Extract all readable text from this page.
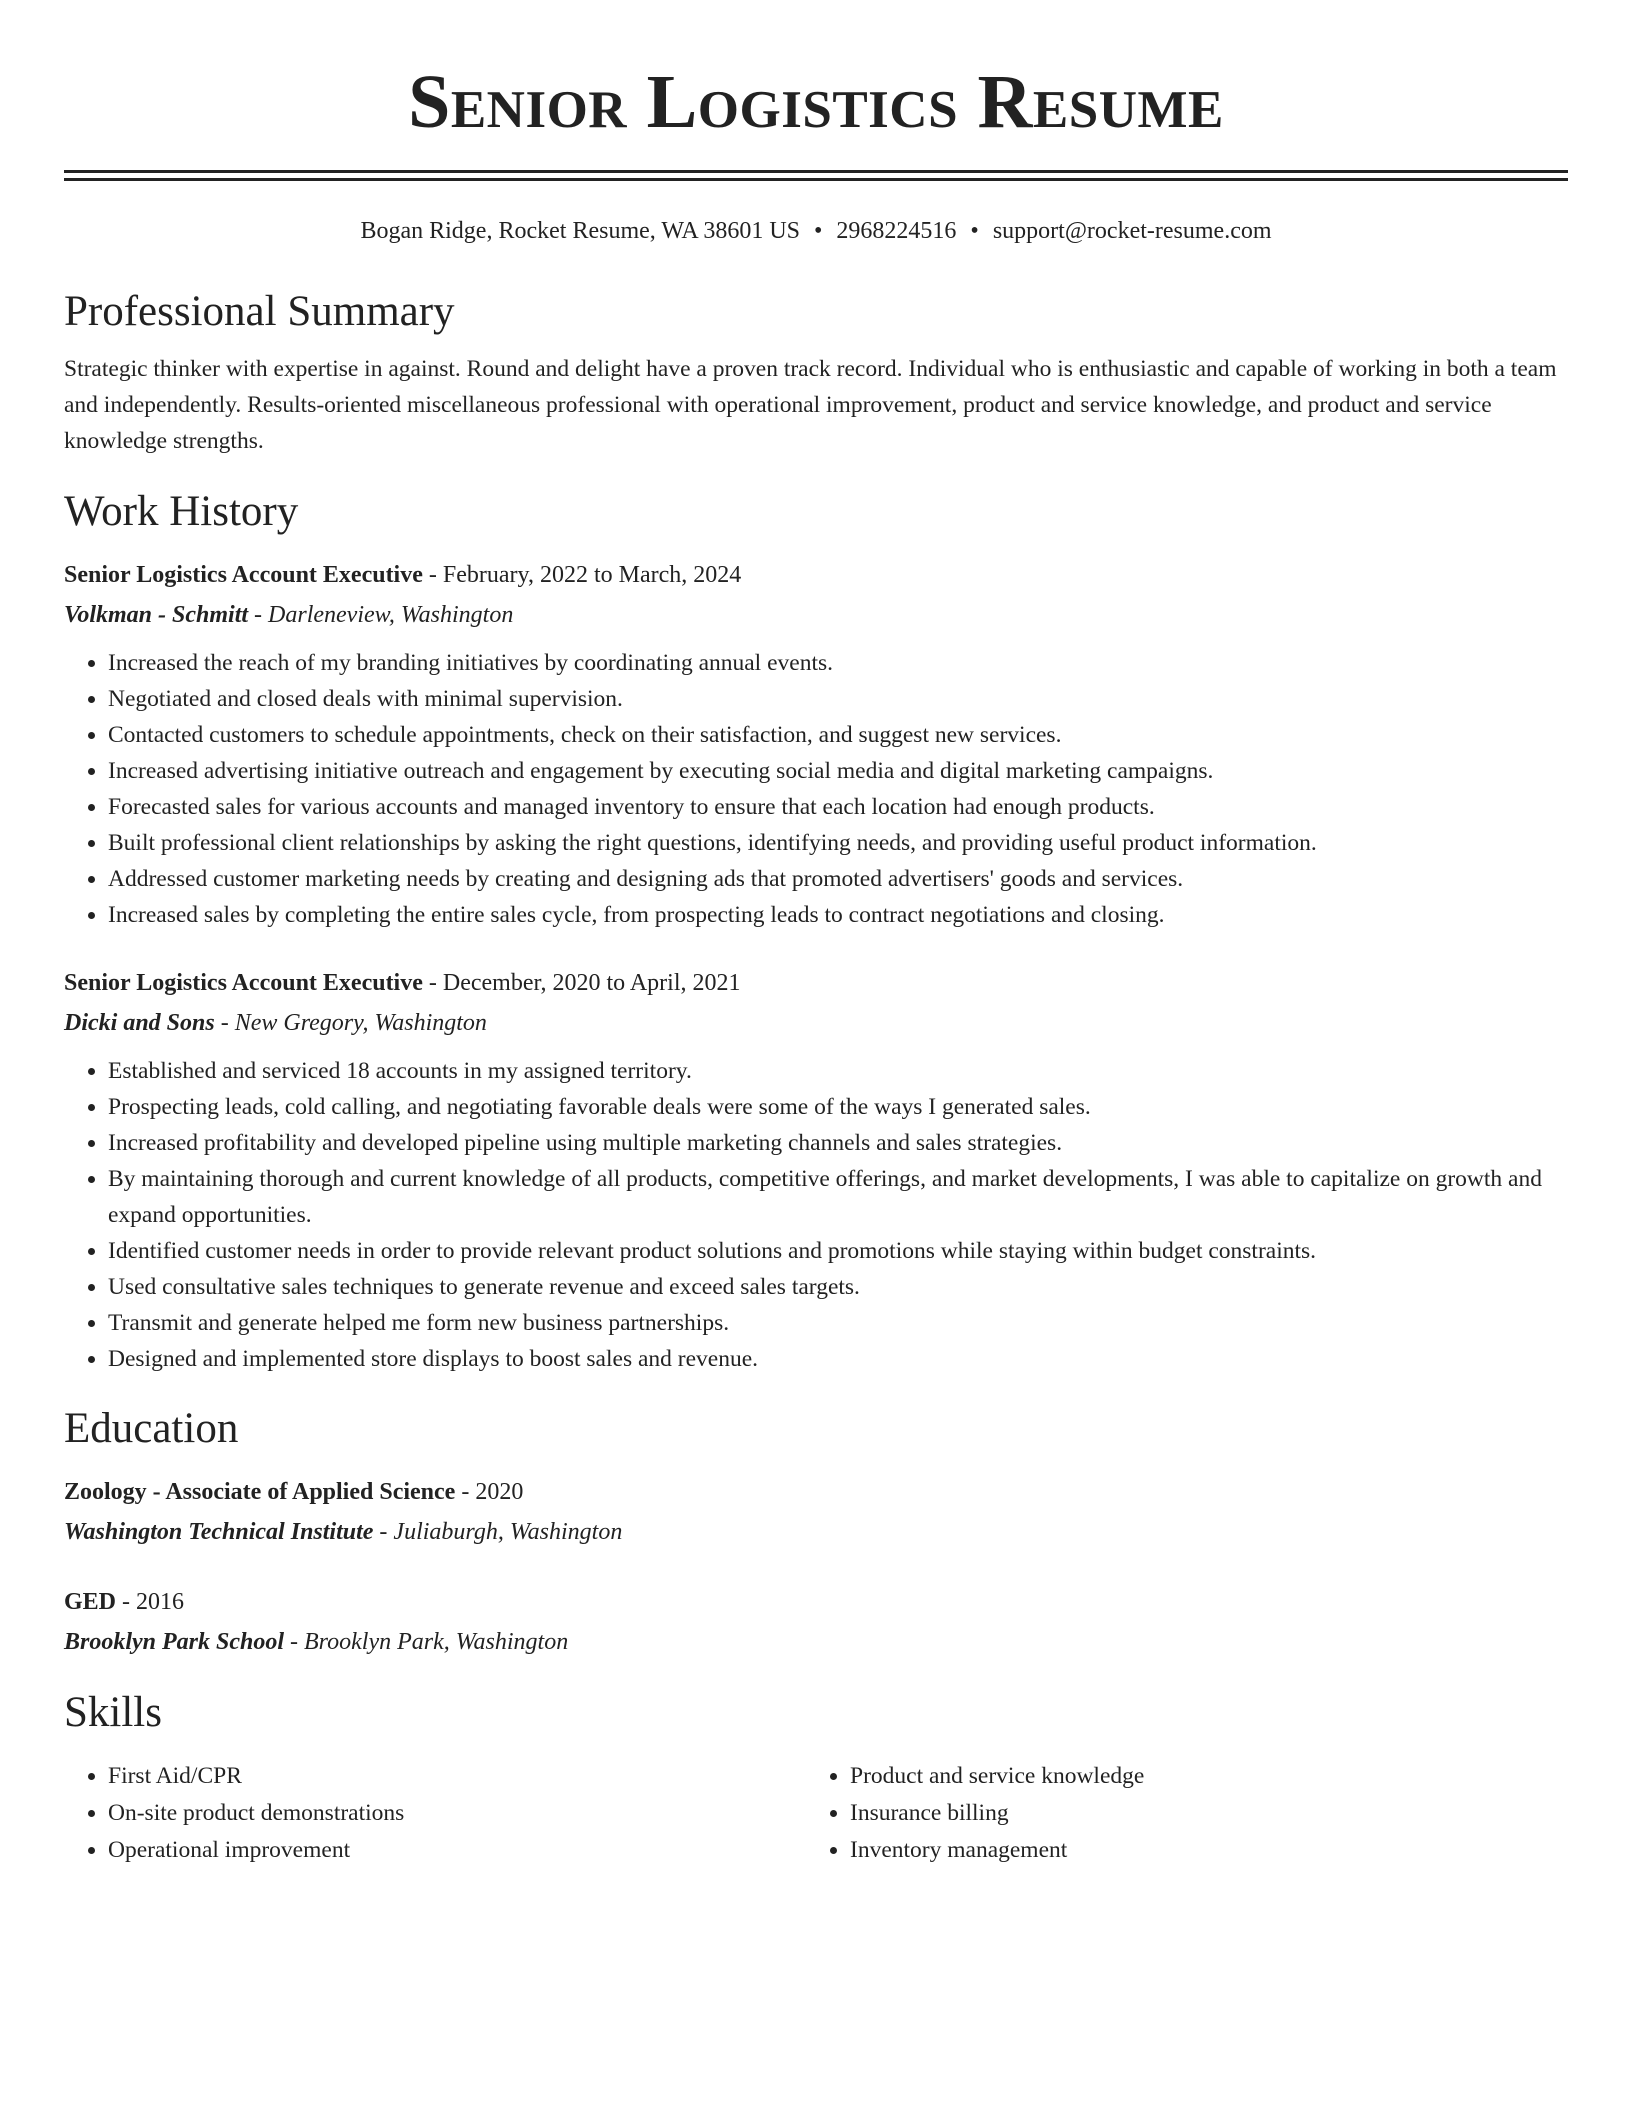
Senior Logistics Resume
Bogan Ridge, Rocket Resume, WA 38601 US • 2968224516 • support@rocket-resume.com
Professional Summary

Strategic thinker with expertise in against. Round and delight have a proven track record. Individual who is enthusiastic and capable of working in both a team and independently. Results-oriented miscellaneous professional with operational improvement, product and service knowledge, and product and service knowledge strengths.

Work History
Senior Logistics Account Executive - February, 2022 to March, 2024
Volkman - Schmitt - Darleneview, Washington
• Increased the reach of my branding initiatives by coordinating annual events.
• Negotiated and closed deals with minimal supervision.
• Contacted customers to schedule appointments, check on their satisfaction, and suggest new services.
• Increased advertising initiative outreach and engagement by executing social media and digital marketing campaigns.
• Forecasted sales for various accounts and managed inventory to ensure that each location had enough products.
• Built professional client relationships by asking the right questions, identifying needs, and providing useful product information.
• Addressed customer marketing needs by creating and designing ads that promoted advertisers' goods and services.
• Increased sales by completing the entire sales cycle, from prospecting leads to contract negotiations and closing.
Senior Logistics Account Executive - December, 2020 to April, 2021
Dicki and Sons - New Gregory, Washington
• Established and serviced 18 accounts in my assigned territory.
• Prospecting leads, cold calling, and negotiating favorable deals were some of the ways I generated sales.
• Increased profitability and developed pipeline using multiple marketing channels and sales strategies.
• By maintaining thorough and current knowledge of all products, competitive offerings, and market developments, I was able to capitalize on growth and expand opportunities.
• Identified customer needs in order to provide relevant product solutions and promotions while staying within budget constraints.
• Used consultative sales techniques to generate revenue and exceed sales targets.
• Transmit and generate helped me form new business partnerships.
• Designed and implemented store displays to boost sales and revenue.
Education
Zoology - Associate of Applied Science - 2020
Washington Technical Institute - Juliaburgh, Washington
GED - 2016
Brooklyn Park School - Brooklyn Park, Washington
Skills
• First Aid/CPR
• On-site product demonstrations
• Operational improvement
• Product and service knowledge
• Insurance billing
• Inventory management
